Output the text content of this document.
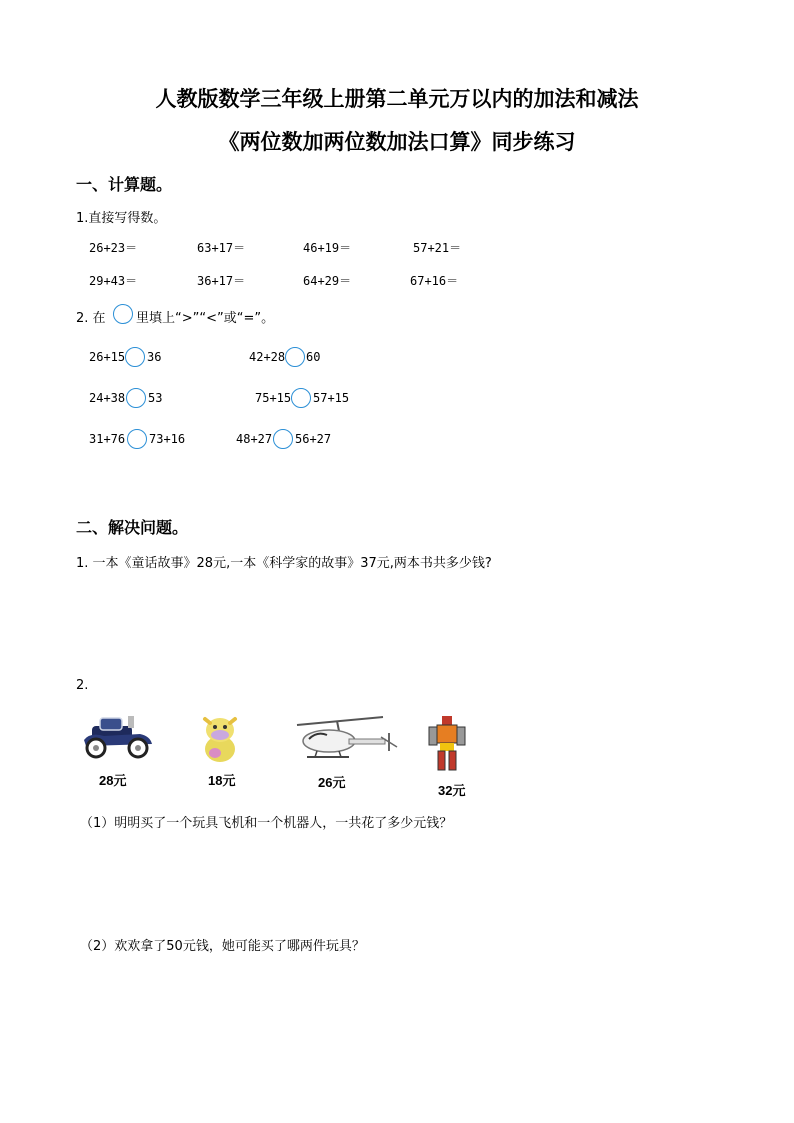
人教版数学三年级上册第二单元万以内的加法和减法
《两位数加两位数加法口算》同步练习
一、计算题。
1.直接写得数。
26+23＝	63+17＝	46+19＝	57+21＝
29+43＝	36+17＝	64+29＝	67+16＝
2. 在 里填上“>”“<”或“=”。
26+15 36	42+28 60
24+38 53	75+15 57+15
31+76 73+16	48+27 56+27
二、解决问题。
1. 一本《童话故事》28元,一本《科学家的故事》37元,两本书共多少钱?
2.
28元	18元	26元
32元
（1）明明买了一个玩具飞机和一个机器人，一共花了多少元钱？
（2）欢欢拿了50元钱，她可能买了哪两件玩具？
